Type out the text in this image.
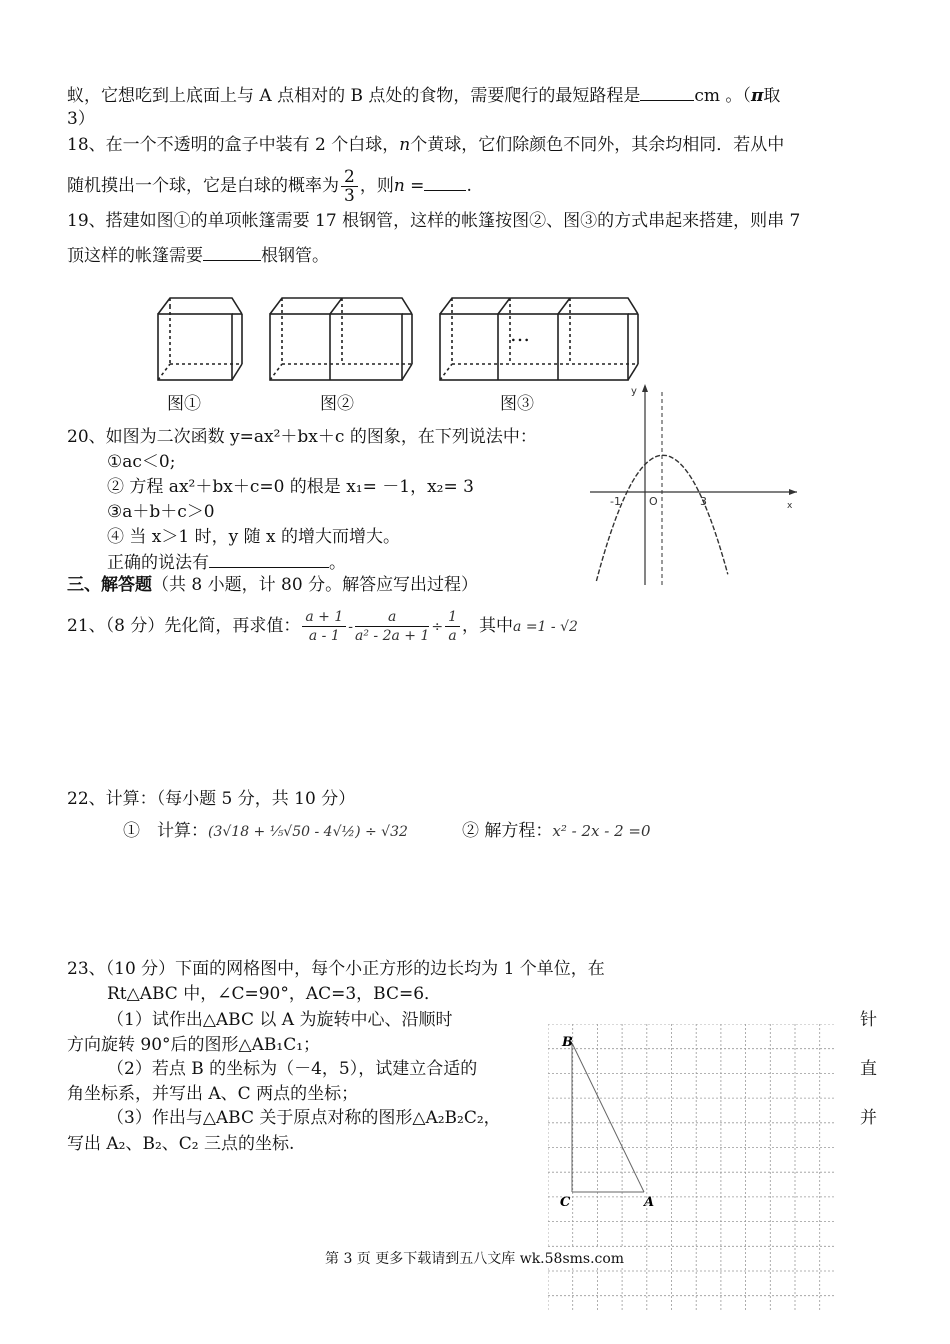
蚁，它想吃到上底面上与 A 点相对的 B 点处的食物，需要爬行的最短路程是	cm 。（π取
3）
18、在一个不透明的盒子中装有 2 个白球，n个黄球，它们除颜色不同外，其余均相同．若从中
随机摸出一个球，它是白球的概率为 $\frac{2}{3}$ ，则n = .
19、搭建如图①的单项帐篷需要 17 根钢管，这样的帐篷按图②、图③的方式串起来搭建，则串 7
顶这样的帐篷需要	根钢管。
…
图①	图②	图③
20、如图为二次函数 y=ax²＋bx＋c 的图象，在下列说法中：
①ac＜0;
② 方程 ax²＋bx＋c=0 的根是 x₁= －1，x₂= 3
③a＋b＋c＞0
④ 当 x＞1 时，y 随 x 的增大而增大。
正确的说法有	。
y
x
-1	O	3
三、解答题（共 8 小题，计 80 分。解答应写出过程）
21、（8 分）先化简，再求值： $\frac{a + 1}{a - 1} - \frac{a}{\text{a² - 2a + 1}} \div \frac{1}{a}$ ，其中a =1 - √2
22、计算：（每小题 5 分，共 10 分）
①　计算：(3√18 + ⅕√50 - 4√½) ÷ √32	② 解方程：x² - 2x - 2 =0
23、（10 分）下面的网格图中，每个小正方形的边长均为 1 个单位，在
Rt△ABC 中，∠C=90°，AC=3，BC=6．
（1）试作出△ABC 以 A 为旋转中心、沿顺时	针
方向旋转 90°后的图形△AB₁C₁；
（2）若点 B 的坐标为（－4，5），试建立合适的	直
角坐标系，并写出 A、C 两点的坐标；
（3）作出与△ABC 关于原点对称的图形△A₂B₂C₂，	并
写出 A₂、B₂、C₂ 三点的坐标.
B
C	A
第 3 页 更多下载请到五八文库 wk.58sms.com
